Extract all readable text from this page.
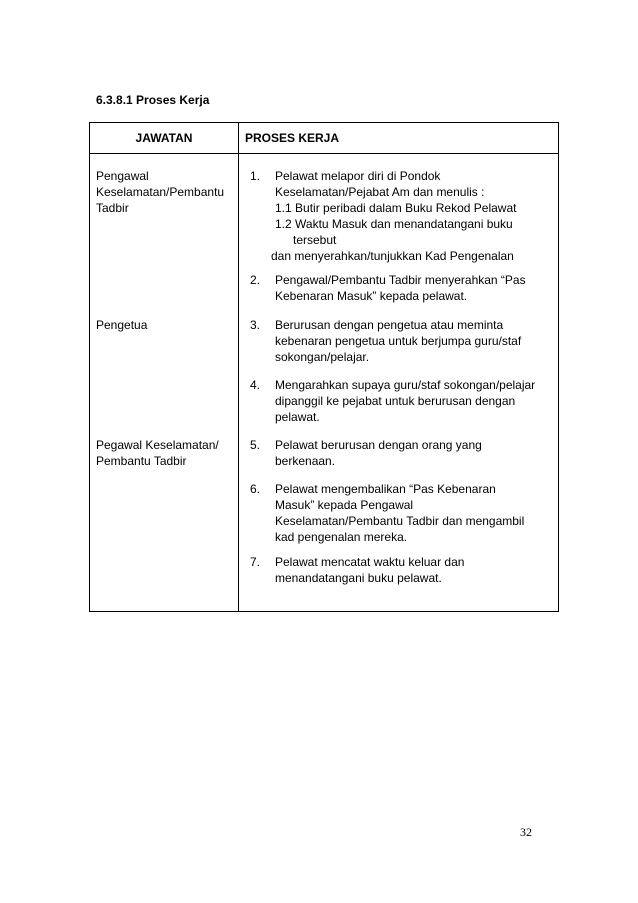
6.3.8.1 Proses Kerja
JAWATAN	PROSES KERJA
Pengawal
Keselamatan/Pembantu
Tadbir
Pengetua
Pegawal Keselamatan/
Pembantu Tadbir
1. Pelawat melapor diri di Pondok
Keselamatan/Pejabat Am dan menulis :
1.1 Butir peribadi dalam Buku Rekod Pelawat
1.2 Waktu Masuk dan menandatangani buku
tersebut
dan menyerahkan/tunjukkan Kad Pengenalan
2. Pengawal/Pembantu Tadbir menyerahkan “Pas
Kebenaran Masuk” kepada pelawat.
3. Berurusan dengan pengetua atau meminta
kebenaran pengetua untuk berjumpa guru/staf
sokongan/pelajar.
4. Mengarahkan supaya guru/staf sokongan/pelajar
dipanggil ke pejabat untuk berurusan dengan
pelawat.
5. Pelawat berurusan dengan orang yang
berkenaan.
6. Pelawat mengembalikan “Pas Kebenaran
Masuk” kepada Pengawal
Keselamatan/Pembantu Tadbir dan mengambil
kad pengenalan mereka.
7. Pelawat mencatat waktu keluar dan
menandatangani buku pelawat.
32
